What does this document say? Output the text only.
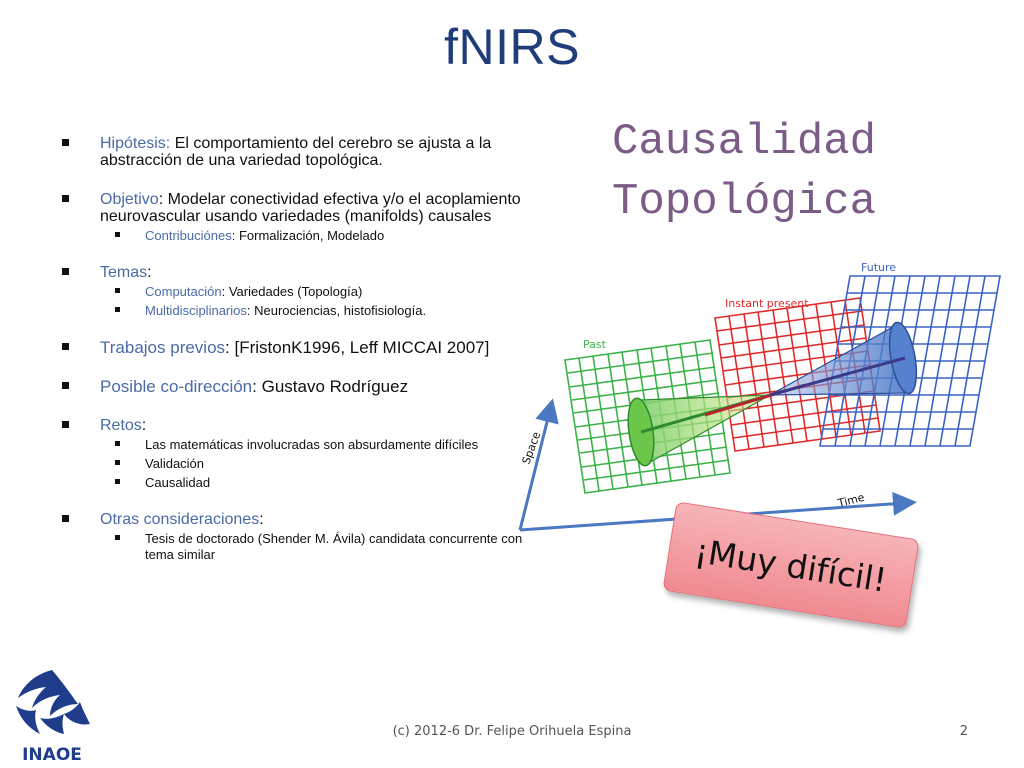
fNIRS
Causalidad
Topológica
Hipótesis: El comportamiento del cerebro se ajusta a la abstracción de una variedad topológica.
Objetivo: Modelar conectividad efectiva y/o el acoplamiento neurovascular usando variedades (manifolds) causales
Contribuciónes: Formalización, Modelado
Temas:
Computación: Variedades (Topología)
Multidisciplinarios: Neurociencias, histofisiología.
Trabajos previos: [FristonK1996, Leff MICCAI 2007]
Posible co-dirección: Gustavo Rodríguez
Retos:
Las matemáticas involucradas son absurdamente difíciles
Validación
Causalidad
Otras consideraciones:
Tesis de doctorado (Shender M. Ávila) candidata concurrente con tema similar
Future
Instant present
Past
Space
Time
¡Muy difícil!
INAOE
(c) 2012-6 Dr. Felipe Orihuela Espina	2
